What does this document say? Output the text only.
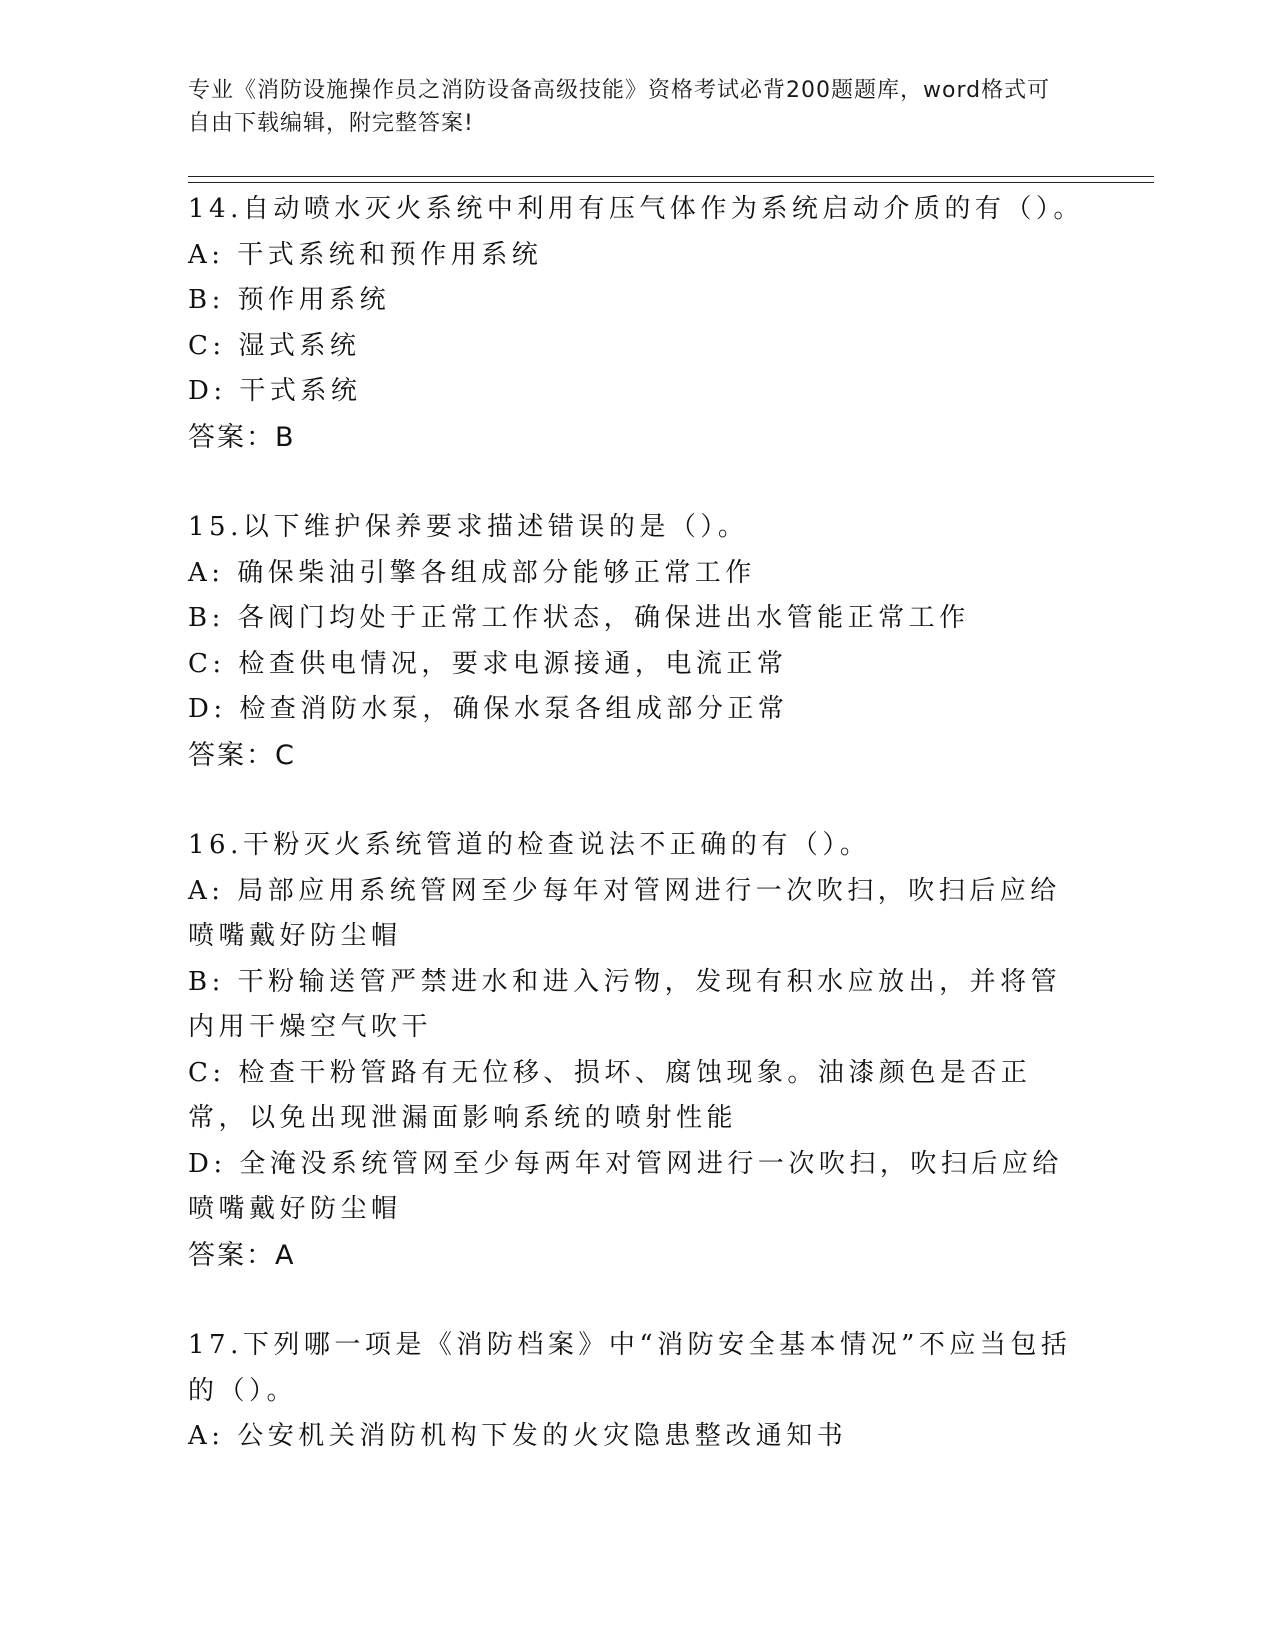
专业《消防设施操作员之消防设备高级技能》资格考试必背200题题库，word格式可自由下载编辑，附完整答案!
14.自动喷水灭火系统中利用有压气体作为系统启动介质的有（）。
A: 干式系统和预作用系统
B: 预作用系统
C: 湿式系统
D: 干式系统
答案：B
15.以下维护保养要求描述错误的是（）。
A: 确保柴油引擎各组成部分能够正常工作
B: 各阀门均处于正常工作状态，确保进出水管能正常工作
C: 检查供电情况，要求电源接通，电流正常
D: 检查消防水泵，确保水泵各组成部分正常
答案：C
16.干粉灭火系统管道的检查说法不正确的有（）。
A: 局部应用系统管网至少每年对管网进行一次吹扫，吹扫后应给喷嘴戴好防尘帽
B: 干粉输送管严禁进水和进入污物，发现有积水应放出，并将管内用干燥空气吹干
C: 检查干粉管路有无位移、损坏、腐蚀现象。油漆颜色是否正常，以免出现泄漏面影响系统的喷射性能
D: 全淹没系统管网至少每两年对管网进行一次吹扫，吹扫后应给喷嘴戴好防尘帽
答案：A
17.下列哪一项是《消防档案》中“消防安全基本情况”不应当包括的（）。
A: 公安机关消防机构下发的火灾隐患整改通知书
